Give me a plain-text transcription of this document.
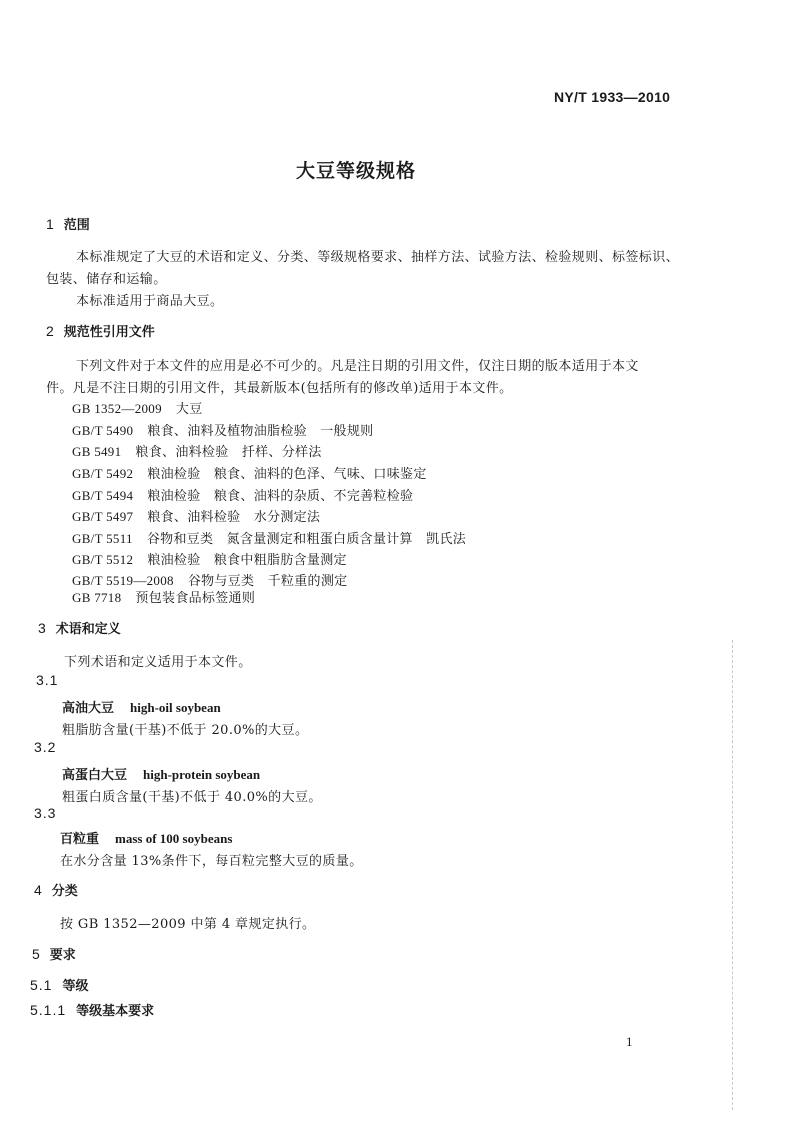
NY/T 1933—2010
大豆等级规格
1 范围
本标准规定了大豆的术语和定义、分类、等级规格要求、抽样方法、试验方法、检验规则、标签标识、
包装、储存和运输。
本标准适用于商品大豆。
2 规范性引用文件
下列文件对于本文件的应用是必不可少的。凡是注日期的引用文件，仅注日期的版本适用于本文
件。凡是不注日期的引用文件，其最新版本(包括所有的修改单)适用于本文件。
GB 1352—2009 大豆
GB/T 5490 粮食、油料及植物油脂检验　一般规则
GB 5491 粮食、油料检验　扦样、分样法
GB/T 5492 粮油检验　粮食、油料的色泽、气味、口味鉴定
GB/T 5494 粮油检验　粮食、油料的杂质、不完善粒检验
GB/T 5497 粮食、油料检验　水分测定法
GB/T 5511 谷物和豆类　氮含量测定和粗蛋白质含量计算　凯氏法
GB/T 5512 粮油检验　粮食中粗脂肪含量测定
GB/T 5519—2008 谷物与豆类　千粒重的测定
GB 7718 预包装食品标签通则
3 术语和定义
下列术语和定义适用于本文件。
3.1
高油大豆 high-oil soybean
粗脂肪含量(干基)不低于 20.0%的大豆。
3.2
高蛋白大豆 high-protein soybean
粗蛋白质含量(干基)不低于 40.0%的大豆。
3.3
百粒重 mass of 100 soybeans
在水分含量 13%条件下，每百粒完整大豆的质量。
4 分类
按 GB 1352—2009 中第 4 章规定执行。
5 要求
5.1 等级
5.1.1 等级基本要求
1
